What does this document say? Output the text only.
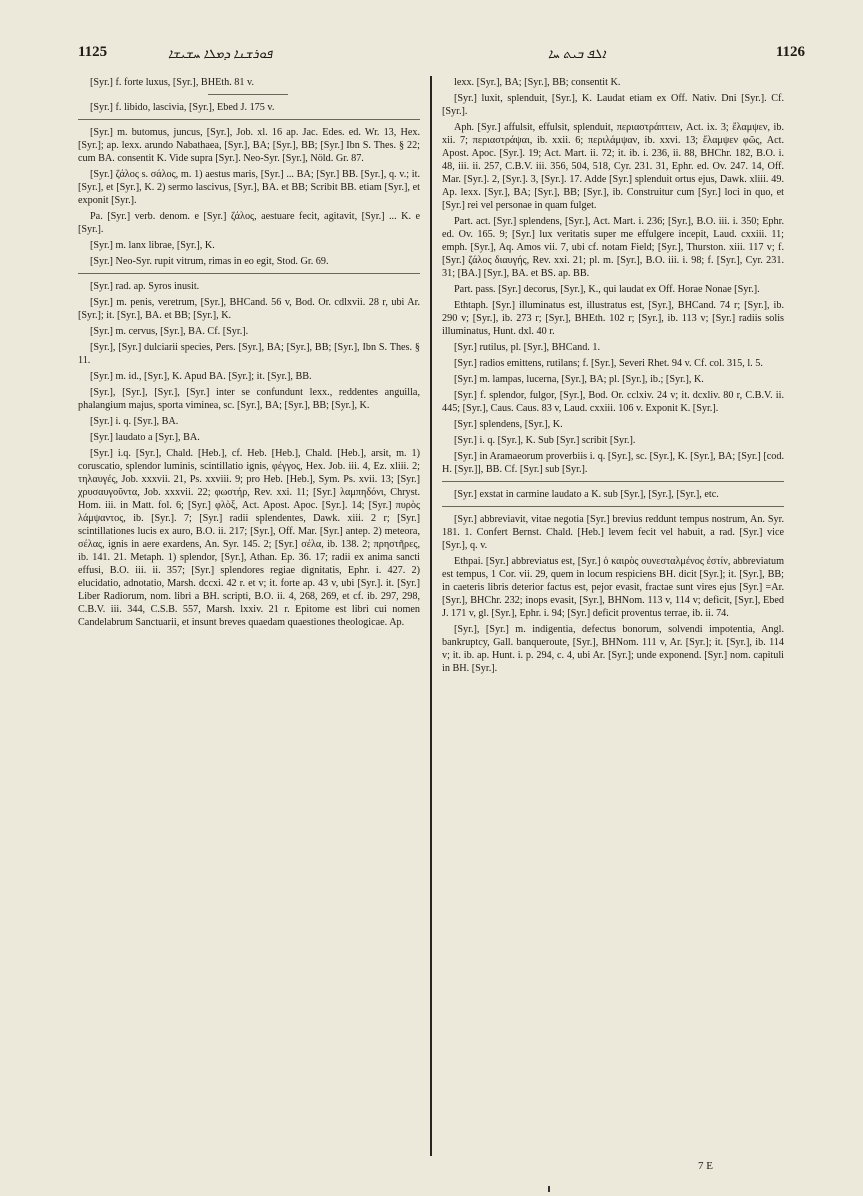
1125	ܦܘܪܫܢܐ ܕܡܠܐ ܚܫܝܫܐ	ܐܠܦ ܒܝܬ ܚܐ	1126

[Syr.] f. forte luxus, [Syr.], BHEth. 81 v.

[Syr.] f. libido, lascivia, [Syr.], Ebed J. 175 v.

[Syr.] m. butomus, juncus, [Syr.], Job. xl. 16 ap. Jac. Edes. ed. Wr. 13, Hex. [Syr.]; ap. lexx. arundo Nabathaea, [Syr.], BA; [Syr.], BB; [Syr.] Ibn S. Thes. § 22; cum BA. consentit K. Vide supra [Syr.]. Neo-Syr. [Syr.], Nöld. Gr. 87.

[Syr.] ζάλος s. σάλος, m. 1) aestus maris, [Syr.] ... BA; [Syr.] BB. [Syr.], q. v.; it. [Syr.], et [Syr.], K. 2) sermo lascivus, [Syr.], BA. et BB; Scribit BB. etiam [Syr.], et exponit [Syr.].

Pa. [Syr.] verb. denom. e [Syr.] ζάλος, aestuare fecit, agitavit, [Syr.] ... K. e [Syr.].

[Syr.] m. lanx librae, [Syr.], K.

[Syr.] Neo-Syr. rupit vitrum, rimas in eo egit, Stod. Gr. 69.

[Syr.] rad. ap. Syros inusit.

[Syr.] m. penis, veretrum, [Syr.], BHCand. 56 v, Bod. Or. cdlxvii. 28 r, ubi Ar. [Syr.]; it. [Syr.], BA. et BB; [Syr.], K.

[Syr.] m. cervus, [Syr.], BA. Cf. [Syr.].

[Syr.], [Syr.] dulciarii species, Pers. [Syr.], BA; [Syr.], BB; [Syr.], Ibn S. Thes. § 11.

[Syr.] m. id., [Syr.], K. Apud BA. [Syr.]; it. [Syr.], BB.

[Syr.], [Syr.], [Syr.], [Syr.] inter se confundunt lexx., reddentes anguilla, phalangium majus, sporta viminea, sc. [Syr.], BA; [Syr.], BB; [Syr.], K.

[Syr.] i. q. [Syr.], BA.

[Syr.] laudato a [Syr.], BA.

[Syr.] i.q. [Syr.], Chald. [Heb.], cf. Heb. [Heb.], Chald. [Heb.], arsit, m. 1) coruscatio, splendor luminis, scintillatio ignis, φέγγος, Hex. Job. iii. 4, Ez. xliii. 2; τηλαυγές, Job. xxxvii. 21, Ps. xxviii. 9; pro Heb. [Heb.], Sym. Ps. xvii. 13; [Syr.] χρυσαυγοῦντα, Job. xxxvii. 22; φωστήρ, Rev. xxi. 11; [Syr.] λαμπηδόνι, Chryst. Hom. iii. in Matt. fol. 6; [Syr.] φλὸξ, Act. Apost. Apoc. [Syr.]. 14; [Syr.] πυρὸς λάμψαντος, ib. [Syr.]. 7; [Syr.] radii splendentes, Dawk. xiii. 2 r; [Syr.] scintillationes lucis ex auro, B.O. ii. 217; [Syr.], Off. Mar. [Syr.] antep. 2) meteora, σέλας, ignis in aere exardens, An. Syr. 145. 2; [Syr.] σέλα, ib. 138. 2; πρηστῆρες, ib. 141. 21. Metaph. 1) splendor, [Syr.], Athan. Ep. 36. 17; radii ex anima sancti effusi, B.O. iii. ii. 357; [Syr.] splendores regiae dignitatis, Ephr. i. 427. 2) elucidatio, adnotatio, Marsh. dccxi. 42 r. et v; it. forte ap. 43 v, ubi [Syr.]. it. [Syr.] Liber Radiorum, nom. libri a BH. scripti, B.O. ii. 4, 268, 269, et cf. ib. 297, 298, C.B.V. iii. 344, C.S.B. 557, Marsh. lxxiv. 21 r. Epitome est libri cui nomen Candelabrum Sanctuarii, et insunt breves quaedam quaestiones theologicae. Ap.

lexx. [Syr.], BA; [Syr.], BB; consentit K.

[Syr.] luxit, splenduit, [Syr.], K. Laudat etiam ex Off. Nativ. Dni [Syr.]. Cf. [Syr.].

Aph. [Syr.] affulsit, effulsit, splenduit, περιαστράπτειν, Act. ix. 3; ἔλαμψεν, ib. xii. 7; περιαστράψαι, ib. xxii. 6; περιλάμψαν, ib. xxvi. 13; ἔλαμψεν φῶς, Act. Apost. Apoc. [Syr.]. 19; Act. Mart. ii. 72; it. ib. i. 236, ii. 88, BHChr. 182, B.O. i. 48, iii. ii. 257, C.B.V. iii. 356, 504, 518, Cyr. 231. 31, Ephr. ed. Ov. 247. 14, Off. Mar. [Syr.]. 2, [Syr.]. 3, [Syr.]. 17. Adde [Syr.] splenduit ortus ejus, Dawk. xliii. 49. Ap. lexx. [Syr.], BA; [Syr.], BB; [Syr.], ib. Construitur cum [Syr.] loci in quo, et [Syr.] rei vel personae in quam fulget.

Part. act. [Syr.] splendens, [Syr.], Act. Mart. i. 236; [Syr.], B.O. iii. i. 350; Ephr. ed. Ov. 165. 9; [Syr.] lux veritatis super me effulgere incepit, Laud. cxxiii. 11; emph. [Syr.], Aq. Amos vii. 7, ubi cf. notam Field; [Syr.], Thurston. xiii. 117 v; f. [Syr.] ζάλος διαυγής, Rev. xxi. 21; pl. m. [Syr.], B.O. iii. i. 98; f. [Syr.], Cyr. 231. 31; [BA.] [Syr.], BA. et BS. ap. BB.

Part. pass. [Syr.] decorus, [Syr.], K., qui laudat ex Off. Horae Nonae [Syr.].

Ethtaph. [Syr.] illuminatus est, illustratus est, [Syr.], BHCand. 74 r; [Syr.], ib. 290 v; [Syr.], ib. 273 r; [Syr.], BHEth. 102 r; [Syr.], ib. 113 v; [Syr.] radiis solis illuminatus, Hunt. dxl. 40 r.

[Syr.] rutilus, pl. [Syr.], BHCand. 1.

[Syr.] radios emittens, rutilans; f. [Syr.], Severi Rhet. 94 v. Cf. col. 315, l. 5.

[Syr.] m. lampas, lucerna, [Syr.], BA; pl. [Syr.], ib.; [Syr.], K.

[Syr.] f. splendor, fulgor, [Syr.], Bod. Or. cclxiv. 24 v; it. dcxliv. 80 r, C.B.V. ii. 445; [Syr.], Caus. Caus. 83 v, Laud. cxxiii. 106 v. Exponit K. [Syr.].

[Syr.] splendens, [Syr.], K.

[Syr.] i. q. [Syr.], K. Sub [Syr.] scribit [Syr.].

[Syr.] in Aramaeorum proverbiis i. q. [Syr.], sc. [Syr.], K. [Syr.], BA; [Syr.] [cod. H. [Syr.]], BB. Cf. [Syr.] sub [Syr.].

[Syr.] exstat in carmine laudato a K. sub [Syr.], [Syr.], [Syr.], etc.

[Syr.] abbreviavit, vitae negotia [Syr.] brevius reddunt tempus nostrum, An. Syr. 181. 1. Confert Bernst. Chald. [Heb.] levem fecit vel habuit, a rad. [Syr.] vice [Syr.], q. v.

Ethpai. [Syr.] abbreviatus est, [Syr.] ὁ καιρὸς συνεσταλμένος ἐστίν, abbreviatum est tempus, 1 Cor. vii. 29, quem in locum respiciens BH. dicit [Syr.]; it. [Syr.], BB; in caeteris libris deterior factus est, pejor evasit, fractae sunt vires ejus [Syr.] =Ar. [Syr.], BHChr. 232; inops evasit, [Syr.], BHNom. 113 v, 114 v; deficit, [Syr.], Ebed J. 171 v, gl. [Syr.], Ephr. i. 94; [Syr.] deficit proventus terrae, ib. ii. 74.

[Syr.], [Syr.] m. indigentia, defectus bonorum, solvendi impotentia, Angl. bankruptcy, Gall. banqueroute, [Syr.], BHNom. 111 v, Ar. [Syr.]; it. [Syr.], ib. 114 v; it. ib. ap. Hunt. i. p. 294, c. 4, ubi Ar. [Syr.]; unde exponend. [Syr.] nom. capituli in BH. [Syr.].

7 E
